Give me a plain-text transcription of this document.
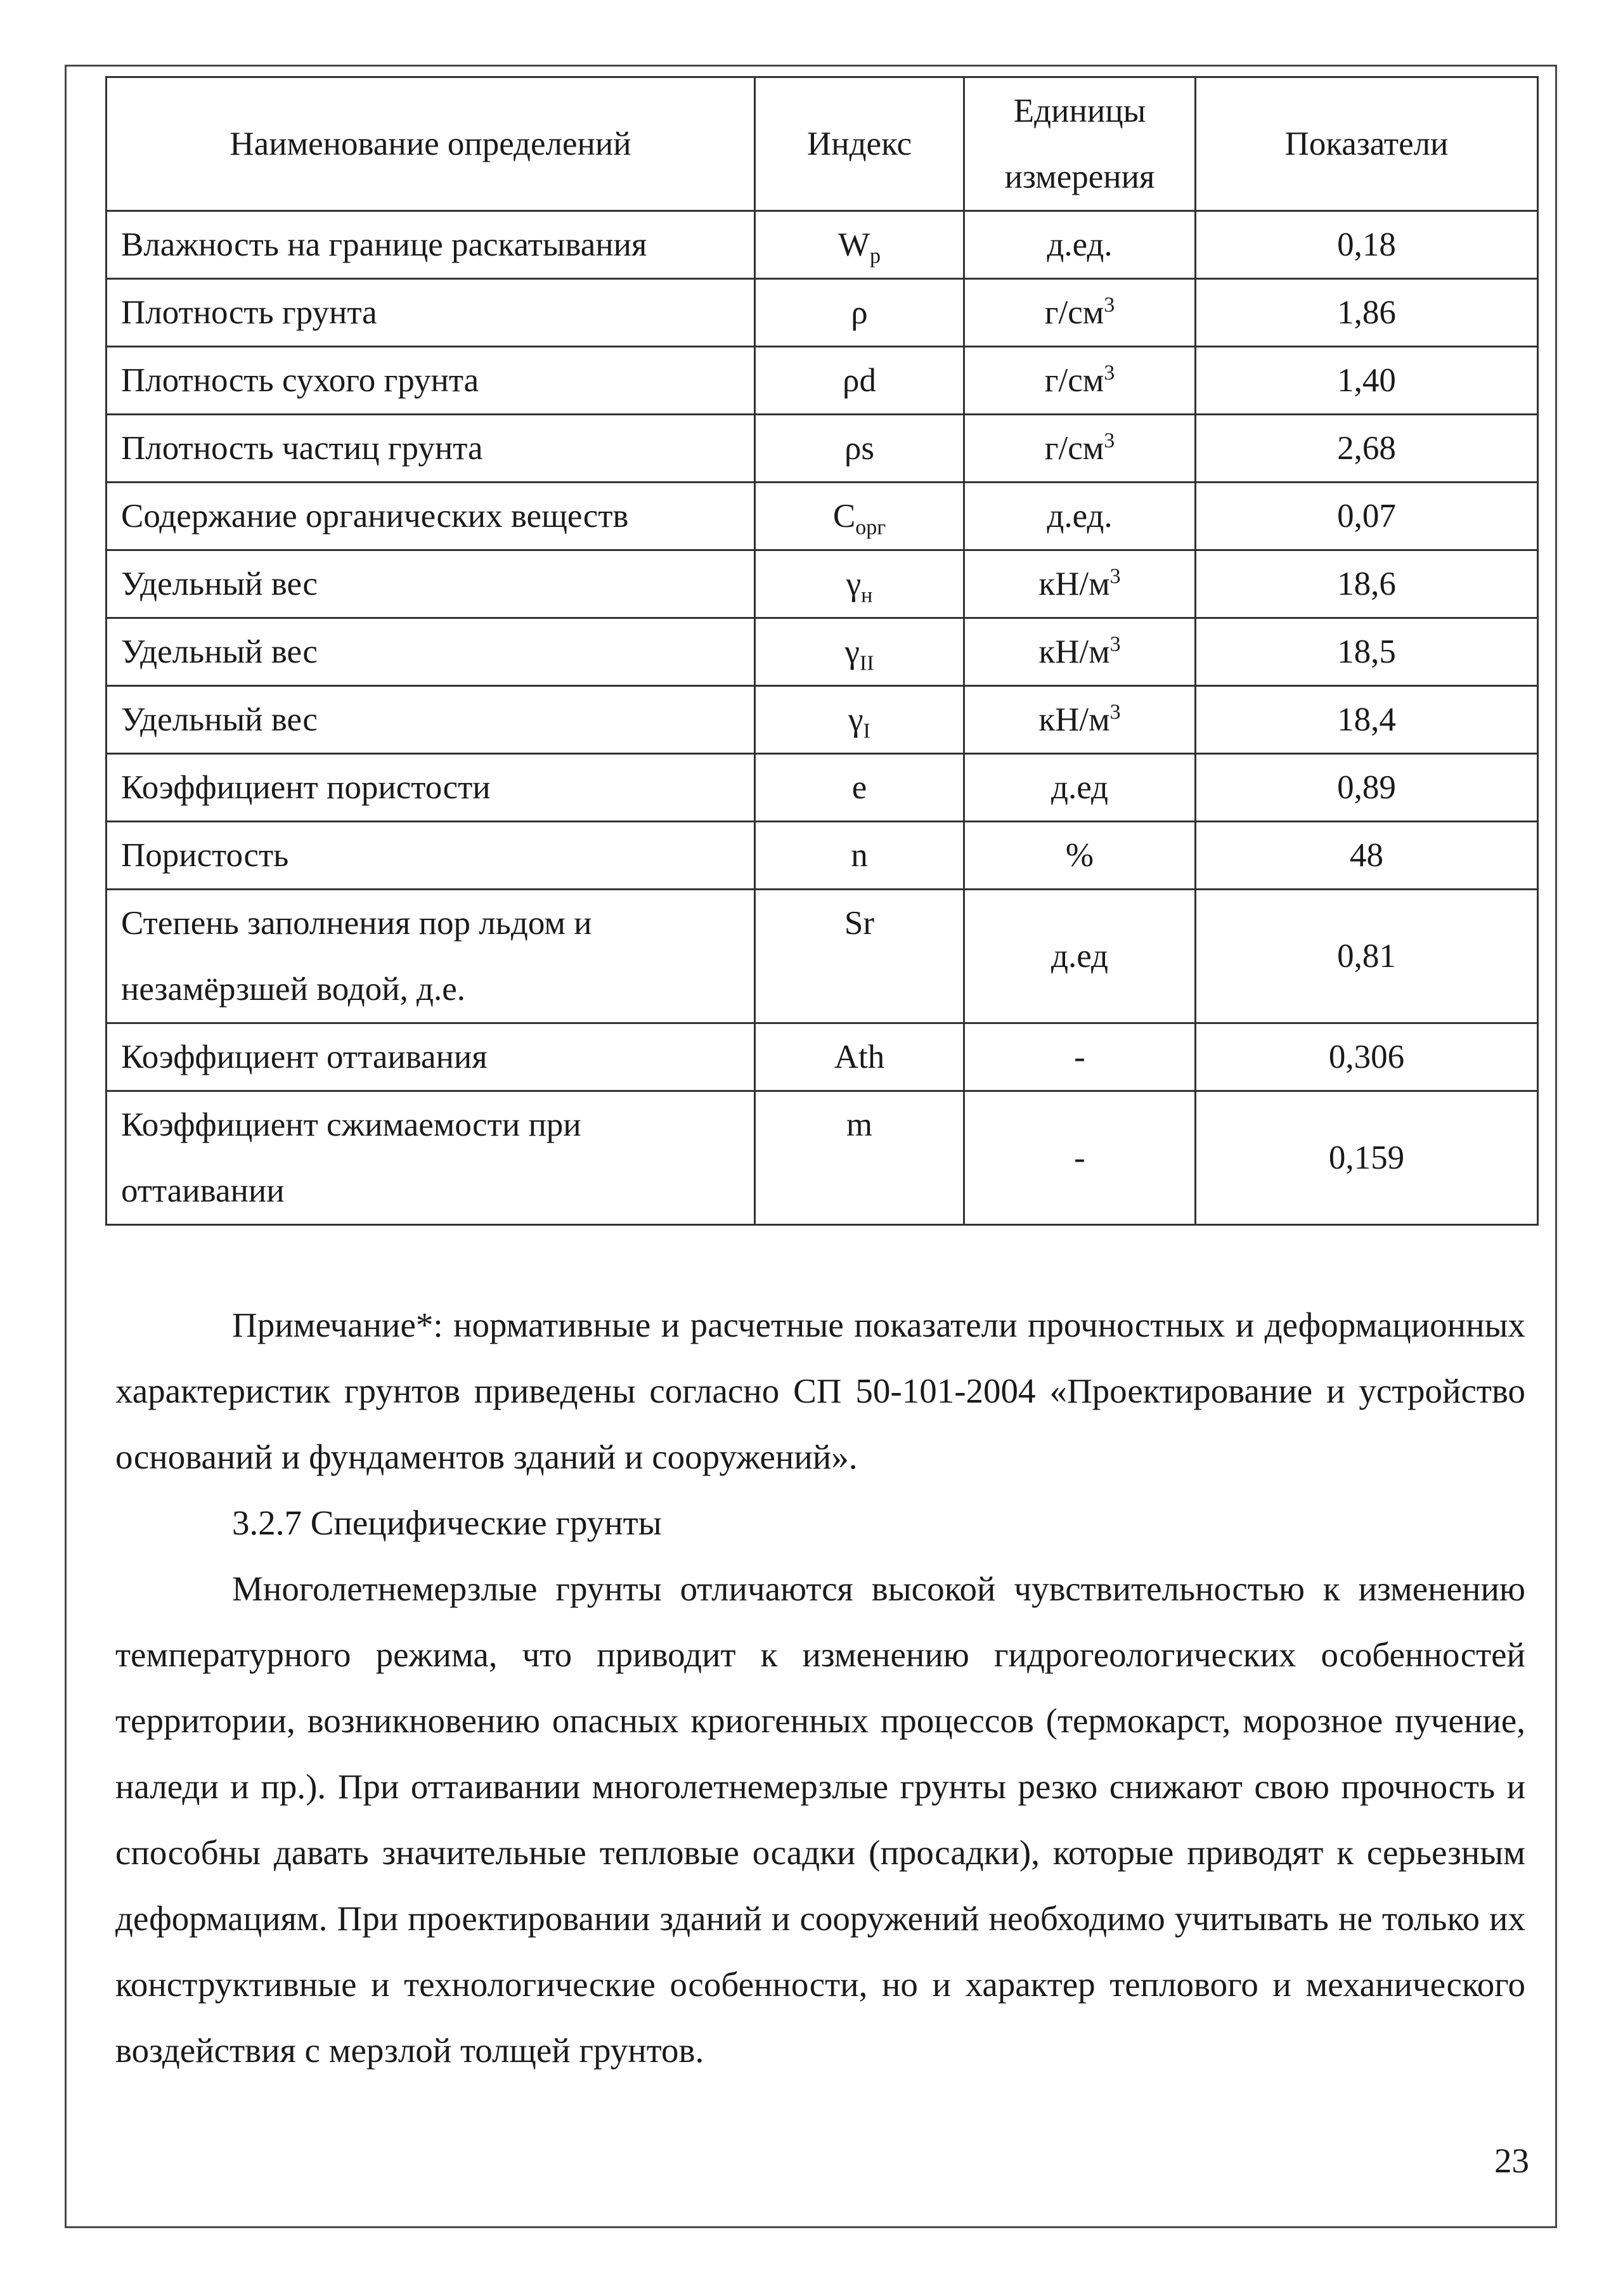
Наименование определений	Индекс	Единицы измерения	Показатели
Влажность на границе раскатывания	$W_p$	д.ед.	0,18
Плотность грунта	ρ	$г/см^3$	1,86
Плотность сухого грунта	ρd	$г/см^3$	1,40
Плотность частиц грунта	ρs	$г/см^3$	2,68
Содержание органических веществ	$C_{орг}$	д.ед.	0,07
Удельный вес	$\gamma_н$	$кН/м^3$	18,6
Удельный вес	$\gamma_{II}$	$кН/м^3$	18,5
Удельный вес	$\gamma_I$	$кН/м^3$	18,4
Коэффициент пористости	e	д.ед	0,89
Пористость	n	%	48
Степень заполнения пор льдом и незамёрзшей водой, д.е.	Sr	д.ед	0,81
Коэффициент оттаивания	Ath	-	0,306
Коэффициент сжимаемости при оттаивании	m	-	0,159

Примечание*: нормативные и расчетные показатели прочностных и деформационных характеристик грунтов приведены согласно СП 50-101-2004 «Проектирование и устройство оснований и фундаментов зданий и сооружений».

3.2.7 Специфические грунты

Многолетнемерзлые грунты отличаются высокой чувствительностью к изменению температурного режима, что приводит к изменению гидрогеологических особенностей территории, возникновению опасных криогенных процессов (термокарст, морозное пучение, наледи и пр.). При оттаивании многолетнемерзлые грунты резко снижают свою прочность и способны давать значительные тепловые осадки (просадки), которые приводят к серьезным деформациям. При проектировании зданий и сооружений необходимо учитывать не только их конструктивные и технологические особенности, но и характер теплового и механического воздействия с мерзлой толщей грунтов.

23
